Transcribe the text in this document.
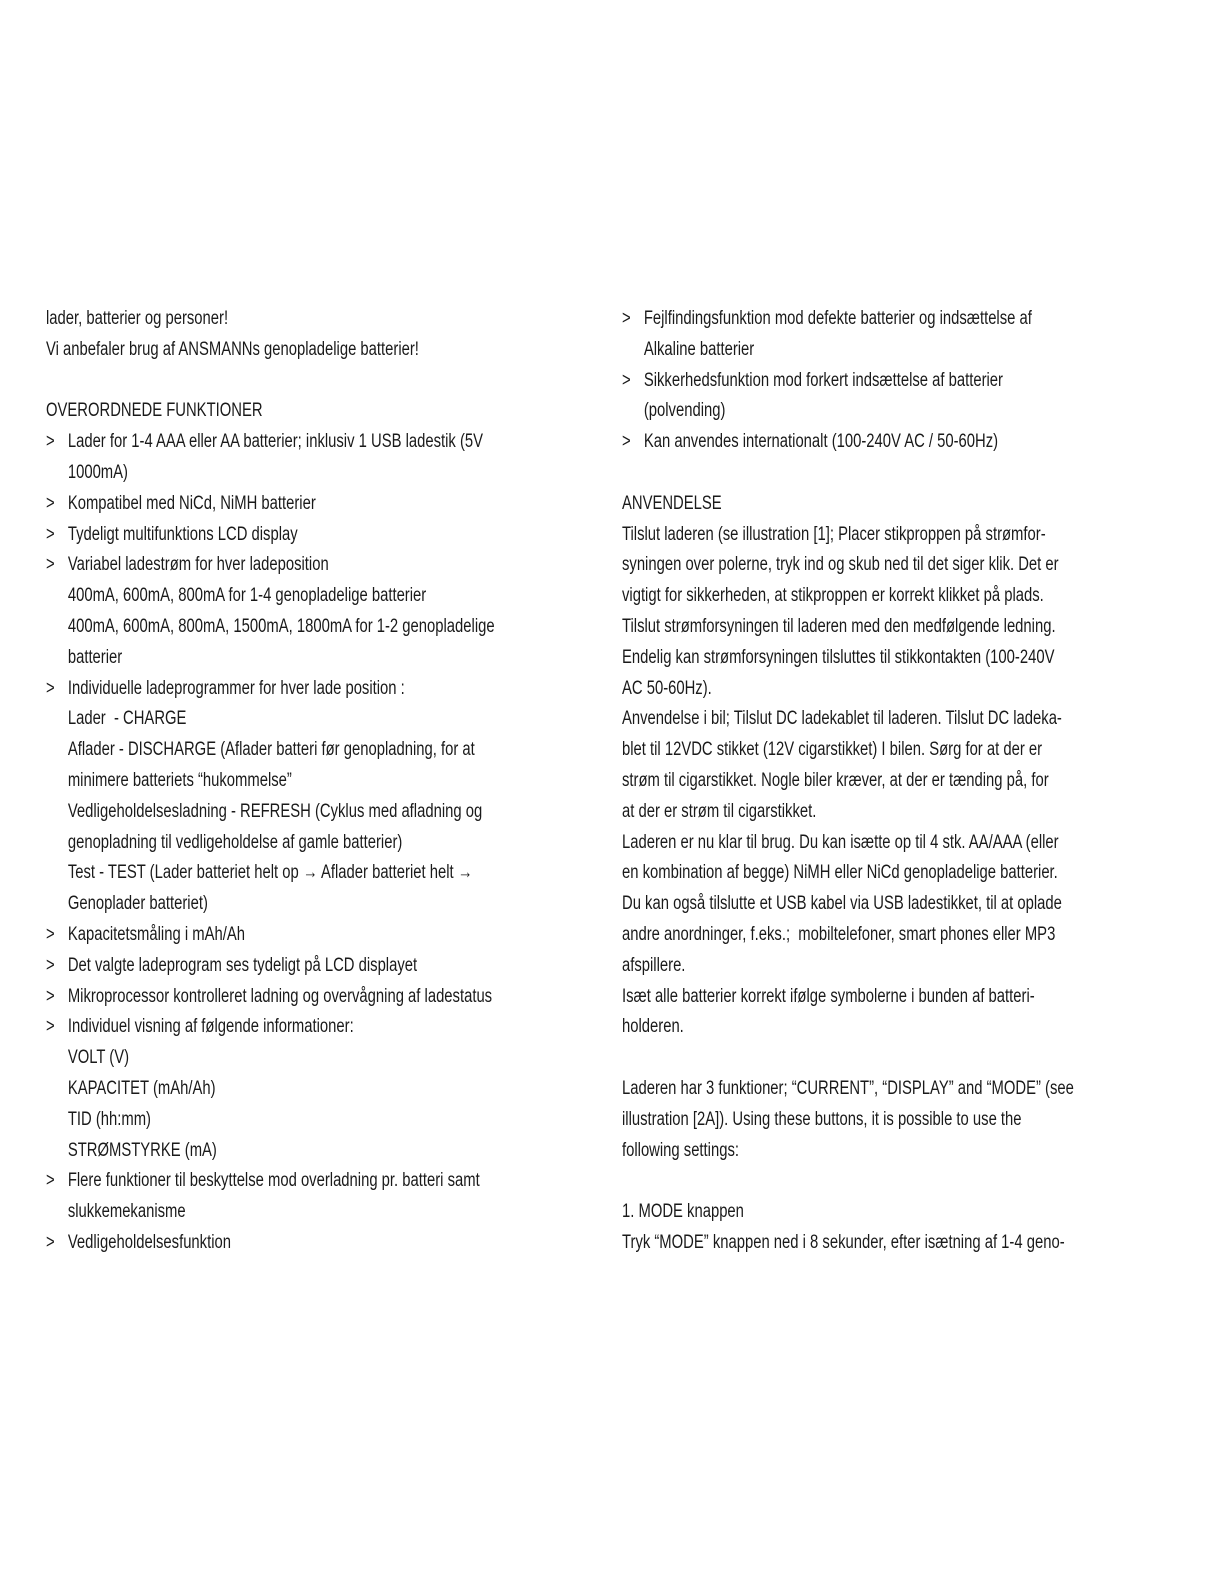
lader, batterier og personer!
Vi anbefaler brug af ANSMANNs genopladelige batterier!
OVERORDNEDE FUNKTIONER
> Lader for 1-4 AAA eller AA batterier; inklusiv 1 USB ladestik (5V
1000mA)
> Kompatibel med NiCd, NiMH batterier
> Tydeligt multifunktions LCD display
> Variabel ladestrøm for hver ladeposition
400mA, 600mA, 800mA for 1-4 genopladelige batterier
400mA, 600mA, 800mA, 1500mA, 1800mA for 1-2 genopladelige
batterier
> Individuelle ladeprogrammer for hver lade position :
Lader  - CHARGE
Aflader - DISCHARGE (Aflader batteri før genopladning, for at
minimere batteriets “hukommelse”
Vedligeholdelsesladning - REFRESH (Cyklus med afladning og
genopladning til vedligeholdelse af gamle batterier)
Test - TEST (Lader batteriet helt op → Aflader batteriet helt →
Genoplader batteriet)
> Kapacitetsmåling i mAh/Ah
> Det valgte ladeprogram ses tydeligt på LCD displayet
> Mikroprocessor kontrolleret ladning og overvågning af ladestatus
> Individuel visning af følgende informationer:
VOLT (V)
KAPACITET (mAh/Ah)
TID (hh:mm)
STRØMSTYRKE (mA)
> Flere funktioner til beskyttelse mod overladning pr. batteri samt
slukkemekanisme
> Vedligeholdelsesfunktion
> Fejlfindingsfunktion mod defekte batterier og indsættelse af
Alkaline batterier
> Sikkerhedsfunktion mod forkert indsættelse af batterier
(polvending)
> Kan anvendes internationalt (100-240V AC / 50-60Hz)
ANVENDELSE
Tilslut laderen (se illustration [1]; Placer stikproppen på strømfor-
syningen over polerne, tryk ind og skub ned til det siger klik. Det er
vigtigt for sikkerheden, at stikproppen er korrekt klikket på plads.
Tilslut strømforsyningen til laderen med den medfølgende ledning.
Endelig kan strømforsyningen tilsluttes til stikkontakten (100-240V
AC 50-60Hz).
Anvendelse i bil; Tilslut DC ladekablet til laderen. Tilslut DC ladeka-
blet til 12VDC stikket (12V cigarstikket) I bilen. Sørg for at der er
strøm til cigarstikket. Nogle biler kræver, at der er tænding på, for
at der er strøm til cigarstikket.
Laderen er nu klar til brug. Du kan isætte op til 4 stk. AA/AAA (eller
en kombination af begge) NiMH eller NiCd genopladelige batterier.
Du kan også tilslutte et USB kabel via USB ladestikket, til at oplade
andre anordninger, f.eks.;  mobiltelefoner, smart phones eller MP3
afspillere.
Isæt alle batterier korrekt ifølge symbolerne i bunden af batteri-
holderen.
Laderen har 3 funktioner; “CURRENT”, “DISPLAY” and “MODE” (see
illustration [2A]). Using these buttons, it is possible to use the
following settings:
1. MODE knappen
Tryk “MODE” knappen ned i 8 sekunder, efter isætning af 1-4 geno-
